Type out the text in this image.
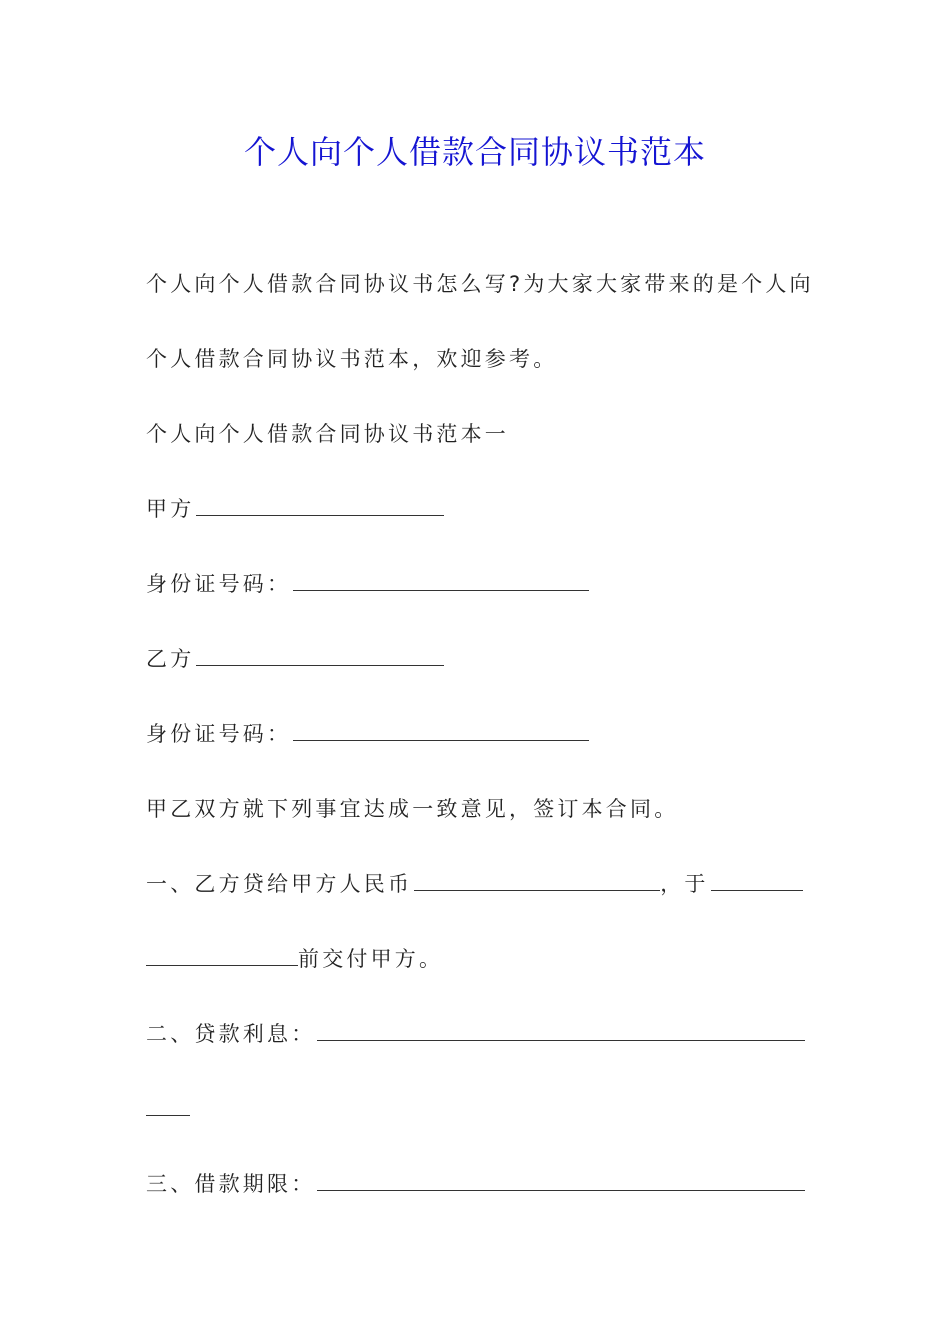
个人向个人借款合同协议书范本
个人向个人借款合同协议书怎么写?为大家大家带来的是个人向
个人借款合同协议书范本，欢迎参考。
个人向个人借款合同协议书范本一
甲方
身份证号码：
乙方
身份证号码：
甲乙双方就下列事宜达成一致意见，签订本合同。
一、乙方贷给甲方人民币	，于
前交付甲方。
二、贷款利息：
三、借款期限：
